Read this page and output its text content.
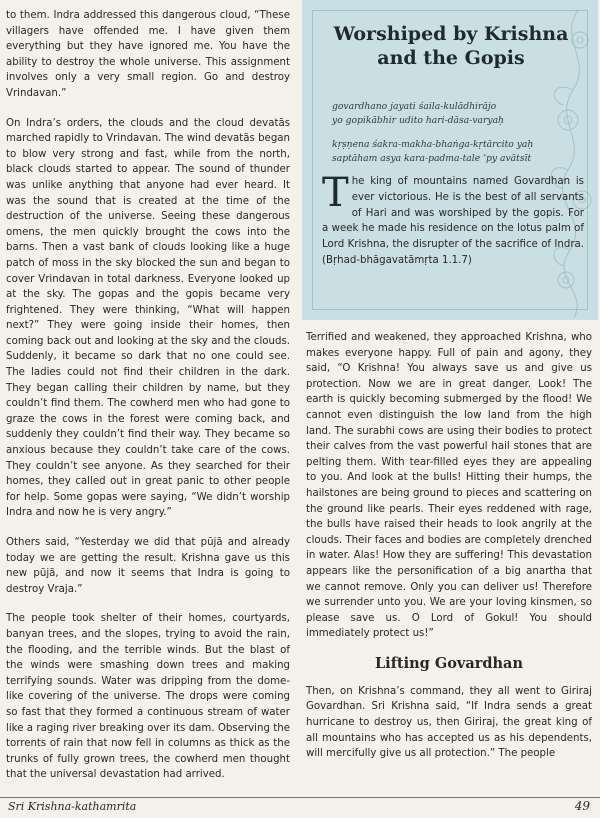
to them. Indra addressed this dangerous cloud, “These villagers have offended me. I have given them everything but they have ignored me. You have the ability to destroy the whole universe. This assignment involves only a very small region. Go and destroy Vrindavan.”

On Indra’s orders, the clouds and the cloud devatās marched rapidly to Vrindavan. The wind devatās began to blow very strong and fast, while from the north, black clouds started to appear. The sound of thunder was unlike anything that anyone had ever heard. It was the sound that is created at the time of the destruction of the universe. Seeing these dangerous omens, the men quickly brought the cows into the barns. Then a vast bank of clouds looking like a huge patch of moss in the sky blocked the sun and began to cover Vrindavan in total darkness. Everyone looked up at the sky. The gopas and the gopis became very frightened. They were thinking, “What will happen next?” They were going inside their homes, then coming back out and looking at the sky and the clouds. Suddenly, it became so dark that no one could see. The ladies could not find their children in the dark. They began calling their children by name, but they couldn’t find them. The cowherd men who had gone to graze the cows in the forest were coming back, and suddenly they couldn’t find their way. They became so anxious because they couldn’t take care of the cows. They couldn’t see anyone. As they searched for their homes, they called out in great panic to other people for help. Some gopas were saying, “We didn’t worship Indra and now he is very angry.”

Others said, “Yesterday we did that pūjā and already today we are getting the result. Krishna gave us this new pūjā, and now it seems that Indra is going to destroy Vraja.”

The people took shelter of their homes, courtyards, banyan trees, and the slopes, trying to avoid the rain, the flooding, and the terrible winds. But the blast of the winds were smashing down trees and making terrifying sounds. Water was dripping from the dome-like covering of the universe. The drops were coming so fast that they formed a continuous stream of water like a raging river breaking over its dam. Observing the torrents of rain that now fell in columns as thick as the trunks of fully grown trees, the cowherd men thought that the universal devastation had arrived.

Worshiped by Krishna
and the Gopis
govardhano jayati śaila-kulādhirājo
yo gopikābhir udito hari-dāsa-varyaḥ
kṛṣṇena śakra-makha-bhaṅga-kṛtārcito yaḥ
saptāham asya kara-padma-tale ’py avātsīt
The king of mountains named Govardhan is ever victorious. He is the best of all servants of Hari and was worshiped by the gopis. For a week he made his residence on the lotus palm of Lord Krishna, the disrupter of the sacrifice of Indra. (Bṛhad-bhāgavatāmṛta 1.1.7)

Terrified and weakened, they approached Krishna, who makes everyone happy. Full of pain and agony, they said, “O Krishna! You always save us and give us protection. Now we are in great danger. Look! The earth is quickly becoming submerged by the flood! We cannot even distinguish the low land from the high land. The surabhi cows are using their bodies to protect their calves from the vast powerful hail stones that are pelting them. With tear-filled eyes they are appealing to you. And look at the bulls! Hitting their humps, the hailstones are being ground to pieces and scattering on the ground like pearls. Their eyes reddened with rage, the bulls have raised their heads to look angrily at the clouds. Their faces and bodies are completely drenched in water. Alas! How they are suffering! This devastation appears like the personification of a big anartha that we cannot remove. Only you can deliver us! Therefore we surrender unto you. We are your loving kinsmen, so please save us. O Lord of Gokul! You should immediately protect us!”

Lifting Govardhan

Then, on Krishna’s command, they all went to Giriraj Govardhan. Sri Krishna said, “If Indra sends a great hurricane to destroy us, then Giriraj, the great king of all mountains who has accepted us as his dependents, will mercifully give us all protection.” The people

Sri Krishna-kathamrita	49
